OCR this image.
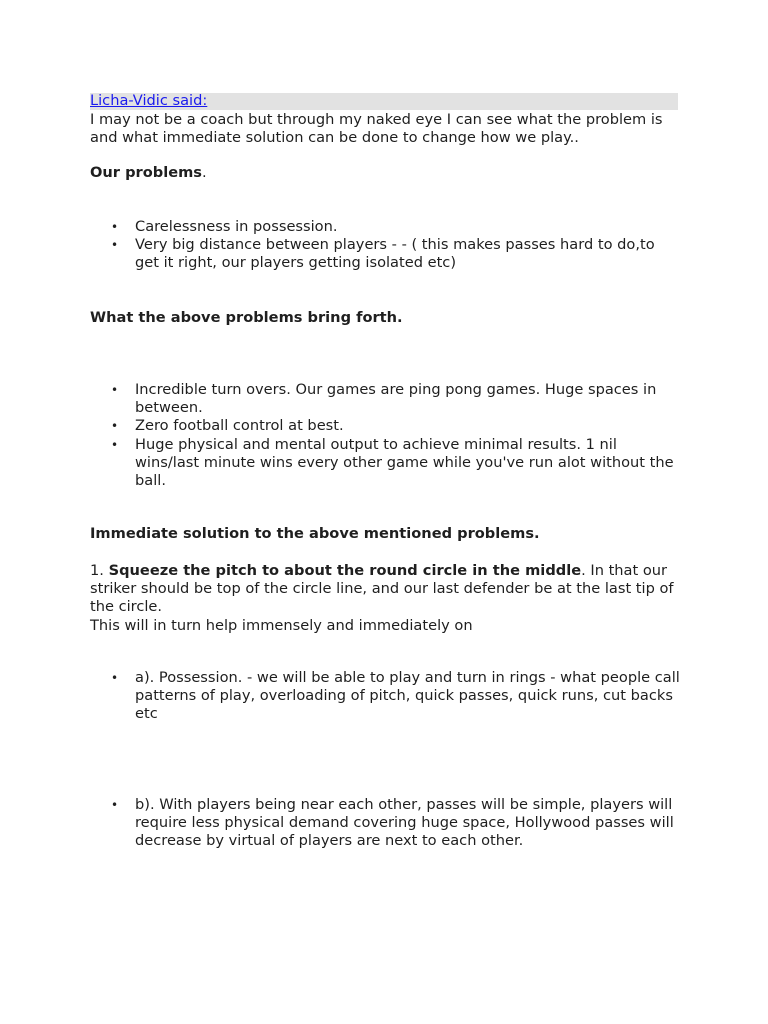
Licha-Vidic said:

I may not be a coach but through my naked eye I can see what the problem is and what immediate solution can be done to change how we play..

Our problems.

• Carelessness in possession.
• Very big distance between players - - ( this makes passes hard to do,to get it right, our players getting isolated etc)

What the above problems bring forth.

• Incredible turn overs. Our games are ping pong games. Huge spaces in between.
• Zero football control at best.
• Huge physical and mental output to achieve minimal results. 1 nil wins/last minute wins every other game while you've run alot without the ball.

Immediate solution to the above mentioned problems.

1. Squeeze the pitch to about the round circle in the middle. In that our striker should be top of the circle line, and our last defender be at the last tip of the circle.
This will in turn help immensely and immediately on

• a). Possession. - we will be able to play and turn in rings - what people call patterns of play, overloading of pitch, quick passes, quick runs, cut backs etc
• b). With players being near each other, passes will be simple, players will require less physical demand covering huge space, Hollywood passes will decrease by virtual of players are next to each other.
